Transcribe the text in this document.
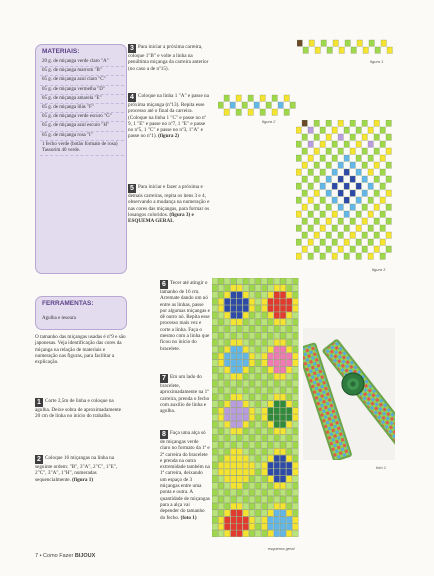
MATERIAIS:
20 g. de miçanga verde claro "A"
05 g. de miçanga marrom "B"
05 g. de miçanga azul claro "C"
05 g. de miçanga vermelha "D"
05 g. de miçanga amarela "E"
05 g. de miçanga lilás "F"
05 g. de miçanga verde escuro "G"
05 g. de miçanga azul escuro "H"
05 g. de miçanga rosa "I"
1 fecho verde (botão formato de rosa) Tassorim 40 verde.
FERRAMENTAS:
Agulha e tesoura
O tamanho das miçangas usadas é nº9 e são japonesas. Veja identificação das cores da miçanga na relação de materiais e numeração nas figuras, para facilitar a explicação.
1 Corte 2,5m de linha e coloque na agulha. Deixe sobra de aproximadamente 20 cm de linha no início do trabalho.
2 Coloque 16 miçangas na linha na seguinte ordem: "B", 3"A", 2"C", 1"E", 2"C", 3"A", 1"H", numeradas sequencialmente. (figura 1)
3 Para iniciar a próxima carreira, coloque 1"B" e volte a linha na penúltima miçanga da carreira anterior (no caso a de nº15).
4 Coloque na linha 1 "A" e passe na próxima miçanga (nº13). Repita esse processo até o final da carreira. (Coloque na linha 1 "C" e passe no nº 9, 1 "E" e passe no nº7, 1 "E" e passe no nº5, 1 "C" e passe no nº3, 1"A" e passe no nº1). (figura 2)
5 Para iniciar e fazer a próxima e demais carreiras, repita os itens 3 e 4, observando a mudança na numeração e nas cores das miçangas, para formar os losangos coloridos. (figura 3) e ESQUEMA GERAL
6 Tecer até atingir o tamanho de 16 cm. Arremate dando um nó entre as linhas, passe por algumas miçangas e dê outro nó. Repita esse processo mais vez e corte a linha. Faça o mesmo com a linha que ficou no início do bracelete.
7 Em um lado do bracelete, aproximadamente na 1ª carreira, prenda o fecho com auxílio de linha e agulha.
8 Faça uma alça só de miçangas verde claro no formato da 1ª e 2ª carreira do bracelete e prenda na outra extremidade também na 1ª carreira, deixando um espaço de 3 miçangas entre uma ponta e outra. A quantidade de miçangas para a alça vai depender do tamanho do fecho. (foto 1)
figura 1
figura 2
figura 3
esquema geral
foto 1
7 • Como Fazer BIJOUX
